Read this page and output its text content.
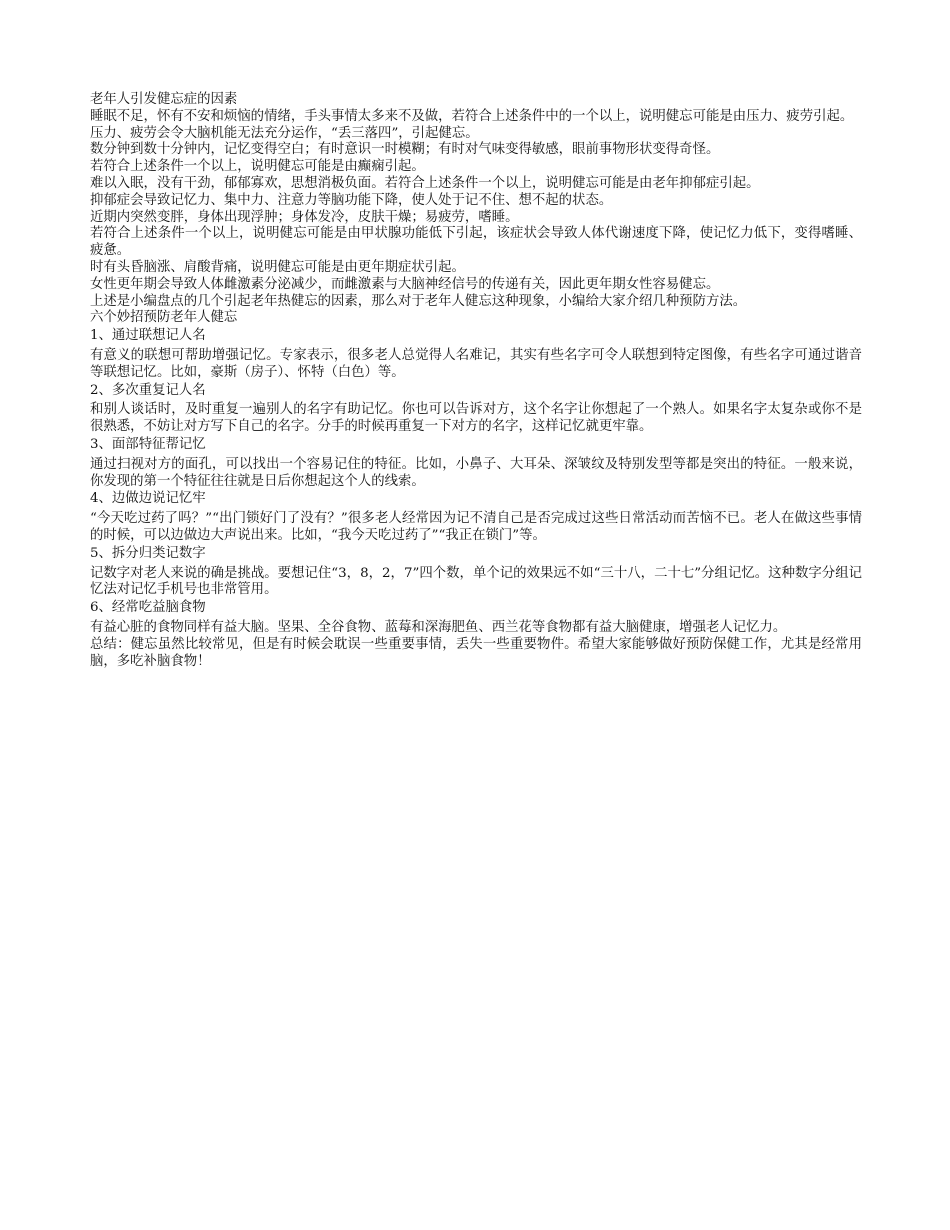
老年人引发健忘症的因素

睡眠不足，怀有不安和烦恼的情绪，手头事情太多来不及做，若符合上述条件中的一个以上，说明健忘可能是由压力、疲劳引起。

压力、疲劳会令大脑机能无法充分运作，“丢三落四”，引起健忘。

数分钟到数十分钟内，记忆变得空白；有时意识一时模糊；有时对气味变得敏感，眼前事物形状变得奇怪。

若符合上述条件一个以上，说明健忘可能是由癫痫引起。

难以入眠，没有干劲，郁郁寡欢，思想消极负面。若符合上述条件一个以上，说明健忘可能是由老年抑郁症引起。

抑郁症会导致记忆力、集中力、注意力等脑功能下降，使人处于记不住、想不起的状态。

近期内突然变胖，身体出现浮肿；身体发冷，皮肤干燥；易疲劳，嗜睡。

若符合上述条件一个以上，说明健忘可能是由甲状腺功能低下引起，该症状会导致人体代谢速度下降，使记忆力低下，变得嗜睡、疲惫。

时有头昏脑涨、肩酸背痛，说明健忘可能是由更年期症状引起。

女性更年期会导致人体雌激素分泌减少，而雌激素与大脑神经信号的传递有关，因此更年期女性容易健忘。

上述是小编盘点的几个引起老年热健忘的因素，那么对于老年人健忘这种现象，小编给大家介绍几种预防方法。

六个妙招预防老年人健忘

1、通过联想记人名

有意义的联想可帮助增强记忆。专家表示，很多老人总觉得人名难记，其实有些名字可令人联想到特定图像，有些名字可通过谐音等联想记忆。比如，豪斯（房子）、怀特（白色）等。

2、多次重复记人名

和别人谈话时，及时重复一遍别人的名字有助记忆。你也可以告诉对方，这个名字让你想起了一个熟人。如果名字太复杂或你不是很熟悉，不妨让对方写下自己的名字。分手的时候再重复一下对方的名字，这样记忆就更牢靠。

3、面部特征帮记忆

通过扫视对方的面孔，可以找出一个容易记住的特征。比如，小鼻子、大耳朵、深皱纹及特别发型等都是突出的特征。一般来说，你发现的第一个特征往往就是日后你想起这个人的线索。

4、边做边说记忆牢

“今天吃过药了吗？”“出门锁好门了没有？”很多老人经常因为记不清自己是否完成过这些日常活动而苦恼不已。老人在做这些事情的时候，可以边做边大声说出来。比如，“我今天吃过药了”“我正在锁门”等。

5、拆分归类记数字

记数字对老人来说的确是挑战。要想记住“3，8，2，7”四个数，单个记的效果远不如“三十八，二十七”分组记忆。这种数字分组记忆法对记忆手机号也非常管用。

6、经常吃益脑食物

有益心脏的食物同样有益大脑。坚果、全谷食物、蓝莓和深海肥鱼、西兰花等食物都有益大脑健康，增强老人记忆力。

总结：健忘虽然比较常见，但是有时候会耽误一些重要事情，丢失一些重要物件。希望大家能够做好预防保健工作，尤其是经常用脑，多吃补脑食物！
